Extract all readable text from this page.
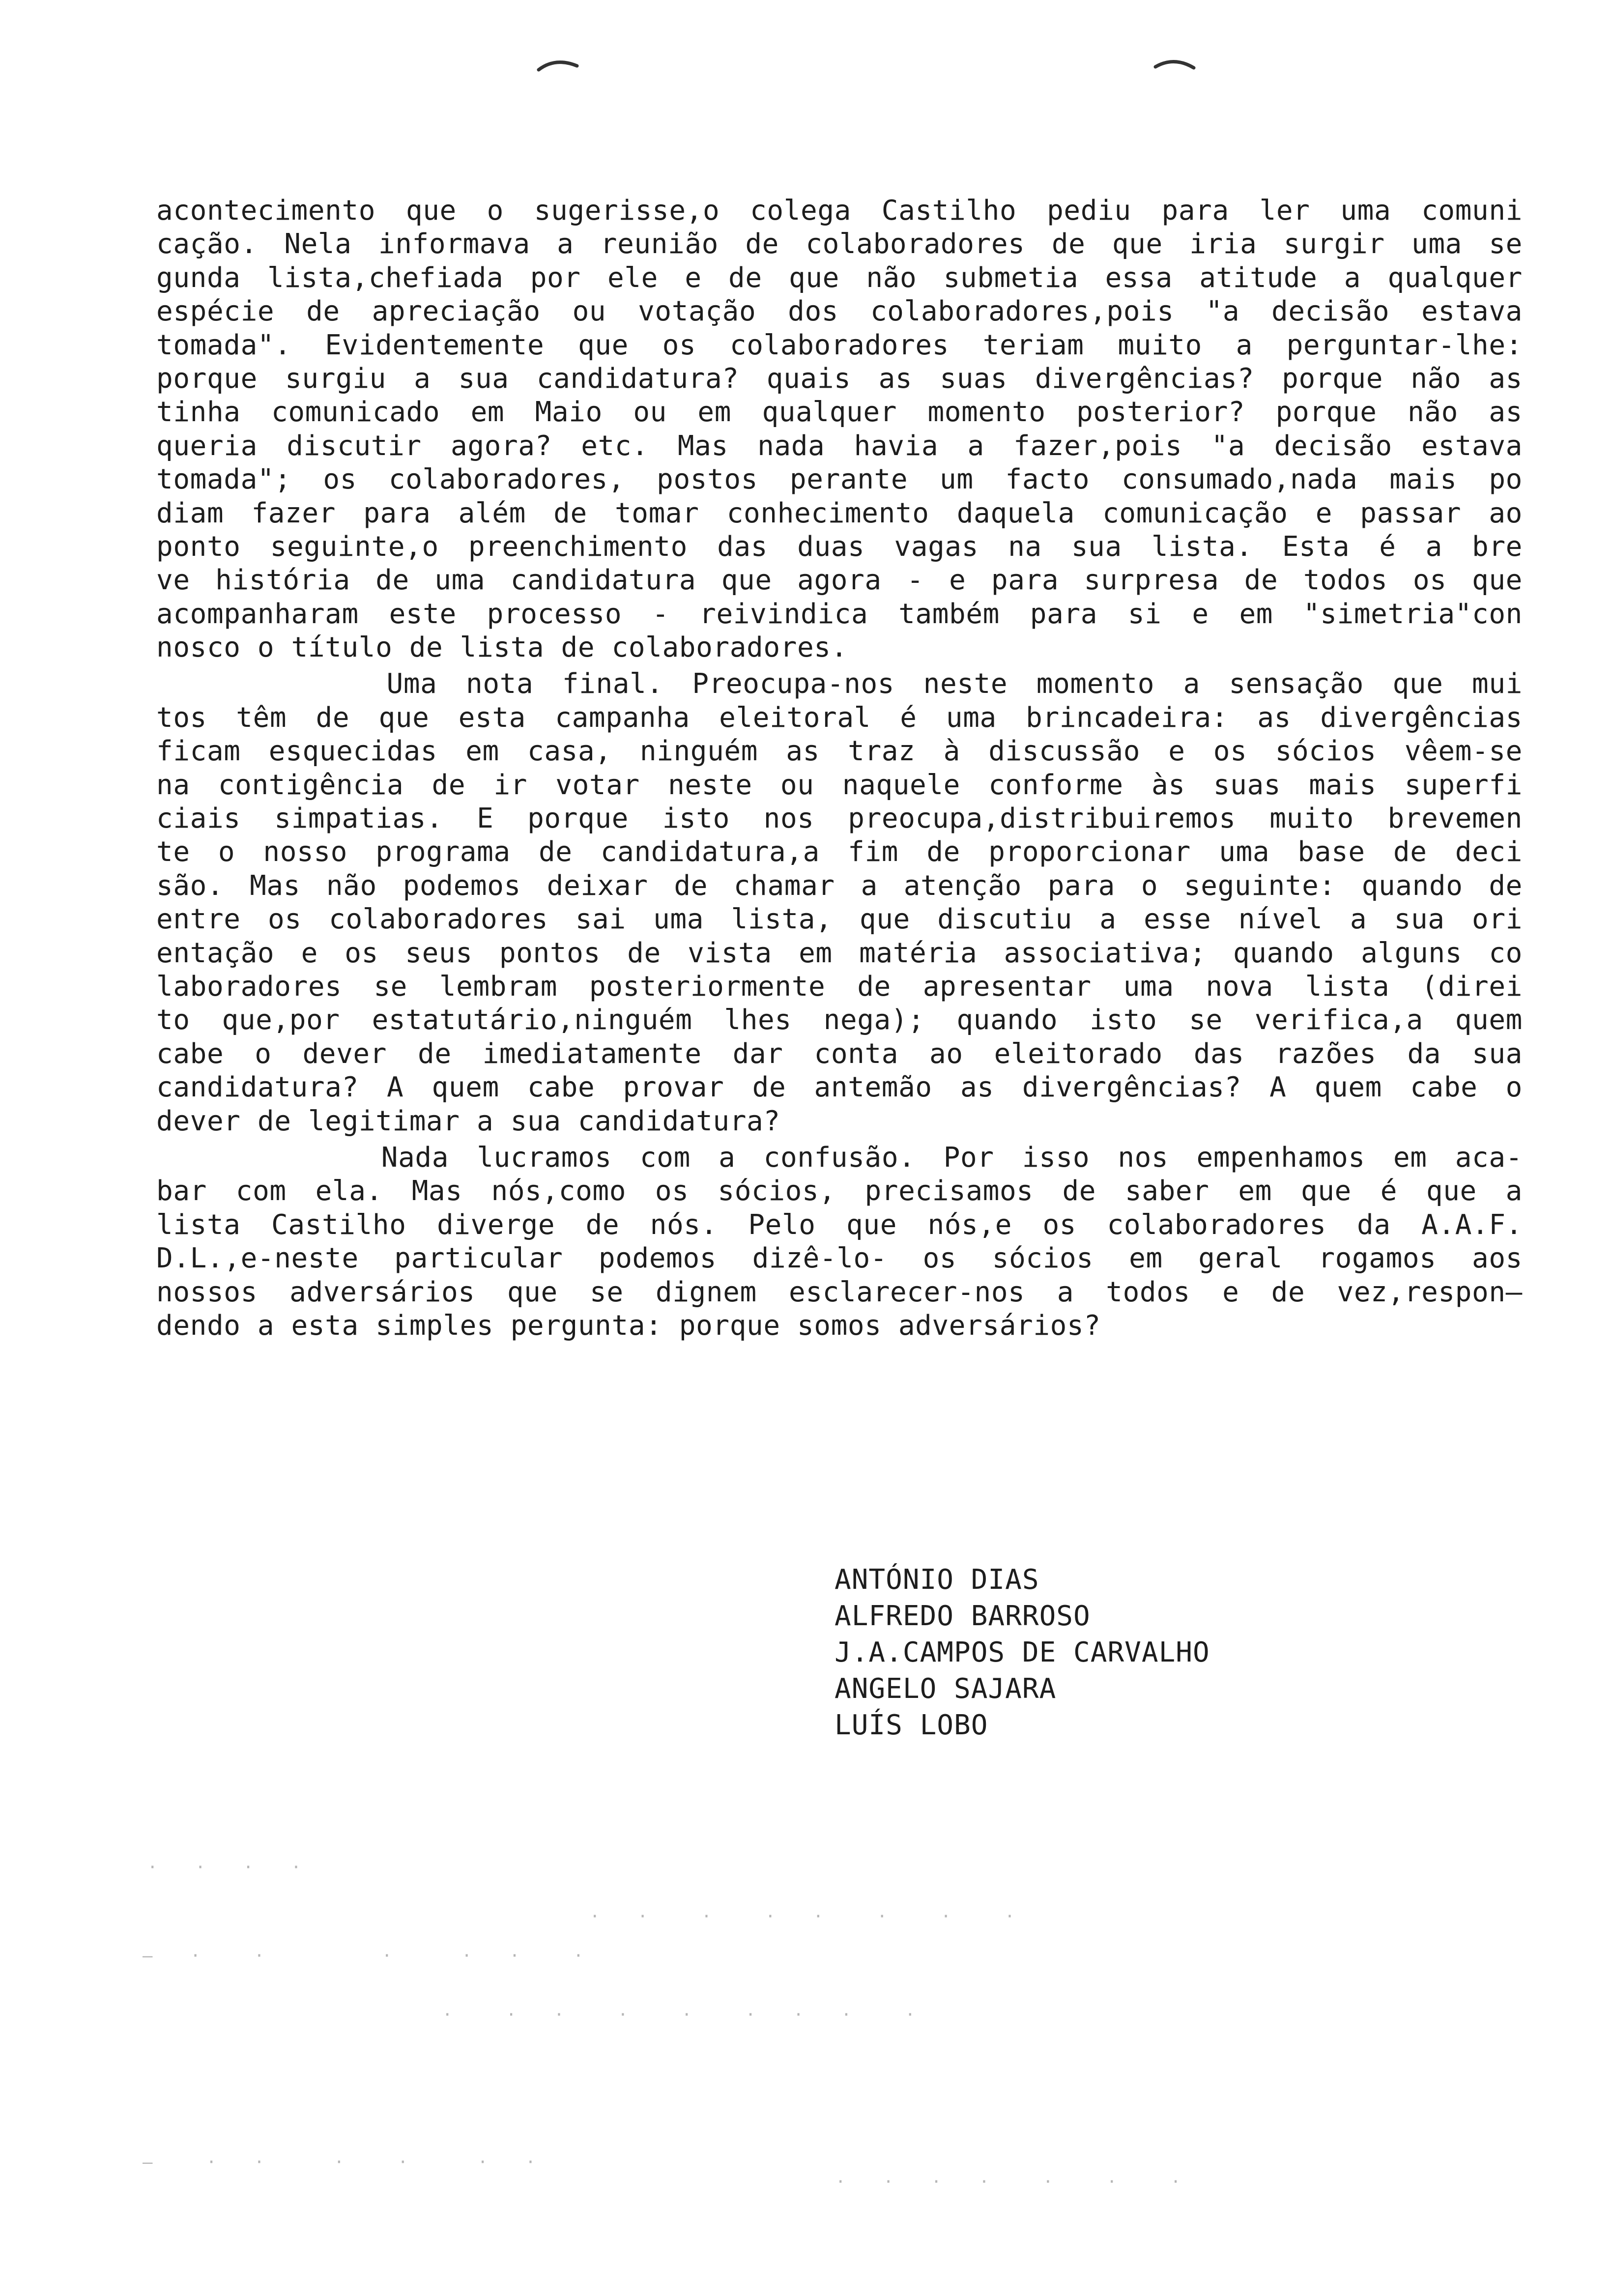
acontecimento que o sugerisse,o colega Castilho pediu para ler uma comuni
cação. Nela informava a reunião de colaboradores de que iria surgir uma se
gunda lista,chefiada por ele e de que não submetia essa atitude a qualquer
espécie de apreciação ou votação dos colaboradores,pois "a decisão estava
tomada". Evidentemente que os colaboradores teriam muito a perguntar-lhe:
porque surgiu a sua candidatura? quais as suas divergências? porque não as
tinha comunicado em Maio ou em qualquer momento posterior? porque não as
queria discutir agora? etc. Mas nada havia a fazer,pois "a decisão estava
tomada"; os colaboradores, postos perante um facto consumado,nada mais po
diam fazer para além de tomar conhecimento daquela comunicação e passar ao
ponto seguinte,o preenchimento das duas vagas na sua lista. Esta é a bre
ve história de uma candidatura que agora - e para surpresa de todos os que
acompanharam este processo - reivindica também para si e em "simetria"con
nosco o título de lista de colaboradores.
Uma nota final. Preocupa-nos neste momento a sensação que mui
tos têm de que esta campanha eleitoral é uma brincadeira: as divergências
ficam esquecidas em casa, ninguém as traz à discussão e os sócios vêem-se
na contigência de ir votar neste ou naquele conforme às suas mais superfi
ciais simpatias. E porque isto nos preocupa,distribuiremos muito brevemen
te o nosso programa de candidatura,a fim de proporcionar uma base de deci
são. Mas não podemos deixar de chamar a atenção para o seguinte: quando de
entre os colaboradores sai uma lista, que discutiu a esse nível a sua ori
entação e os seus pontos de vista em matéria associativa; quando alguns co
laboradores se lembram posteriormente de apresentar uma nova lista (direi
to que,por estatutário,ninguém lhes nega); quando isto se verifica,a quem
cabe o dever de imediatamente dar conta ao eleitorado das razões da sua
candidatura? A quem cabe provar de antemão as divergências? A quem cabe o
dever de legitimar a sua candidatura?
Nada lucramos com a confusão. Por isso nos empenhamos em aca-
bar com ela. Mas nós,como os sócios, precisamos de saber em que é que a
lista Castilho diverge de nós. Pelo que nós,e os colaboradores da A.A.F.
D.L.,e-neste particular podemos dizê-lo- os sócios em geral rogamos aos
nossos adversários que se dignem esclarecer-nos a todos e de vez,respon—
dendo a esta simples pergunta: porque somos adversários?
ANTÓNIO DIAS
ALFREDO BARROSO
J.A.CAMPOS DE CARVALHO
ANGELO SAJARA
LUÍS LOBO
·  ·  ·  ·
—  ·   ·       ·    ·  ·   ·
·  ·   ·   ·  ·   ·   ·   ·
·   ·  ·   ·   ·   ·  ·  ·   ·
—   ·  ·    ·   ·    ·  ·
·  ·  ·  ·   ·   ·   ·
